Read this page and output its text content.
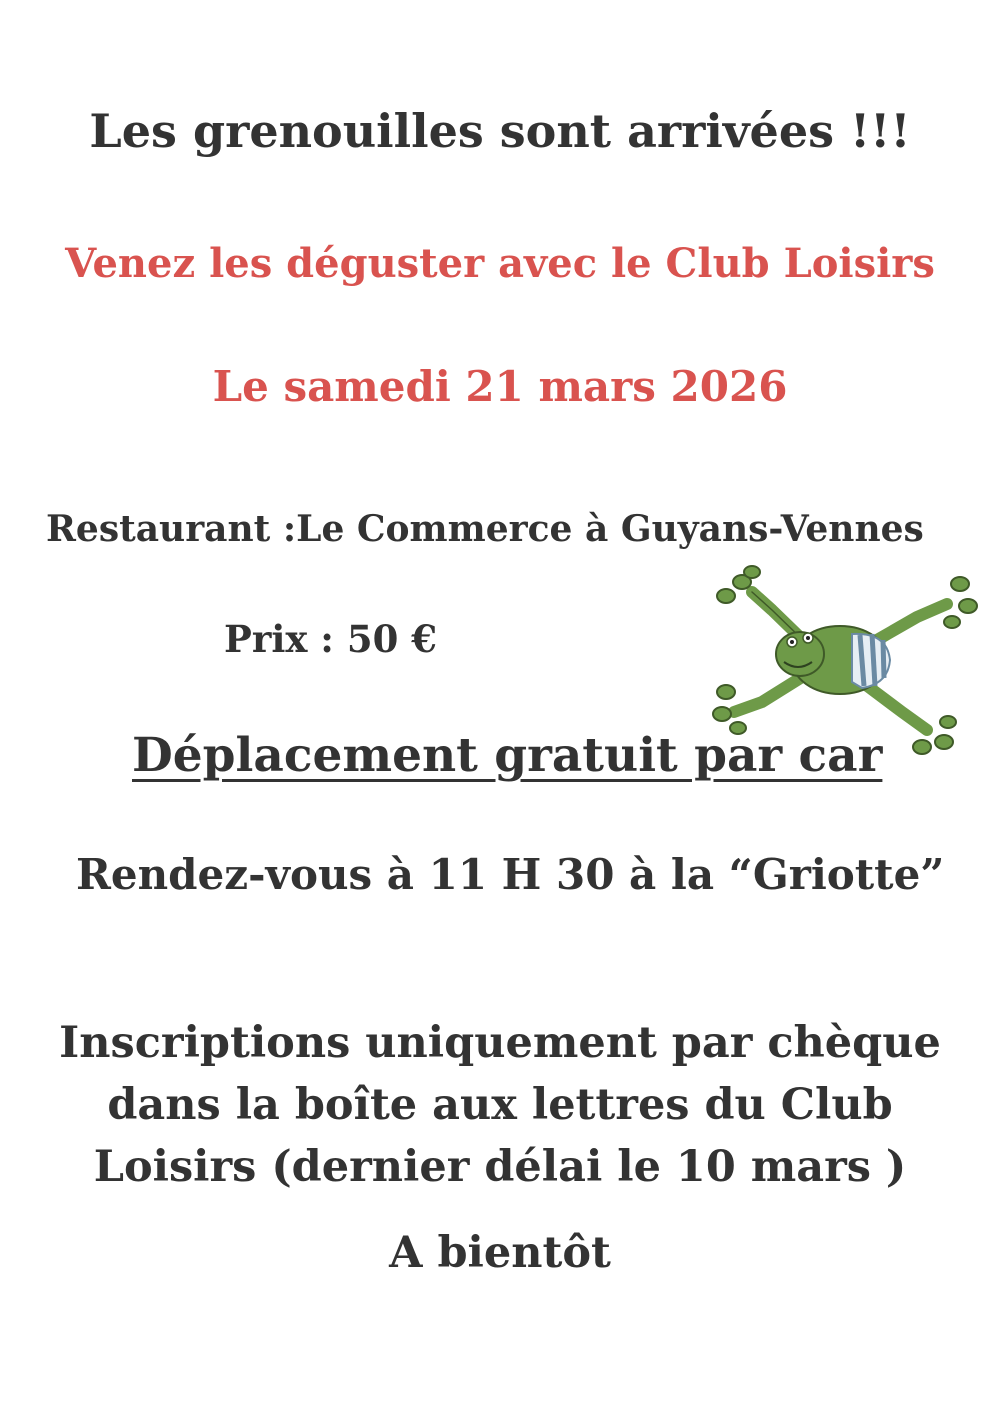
Les grenouilles sont arrivées !!!

Venez les déguster avec le Club Loisirs

Le samedi 21 mars 2026

Restaurant :Le Commerce à Guyans-Vennes

Prix : 50 €

Déplacement gratuit par car

Rendez-vous à 11 H 30 à la “Griotte”

Inscriptions uniquement par chèque

dans la boîte aux lettres du Club

Loisirs (dernier délai le 10 mars )

A bientôt
